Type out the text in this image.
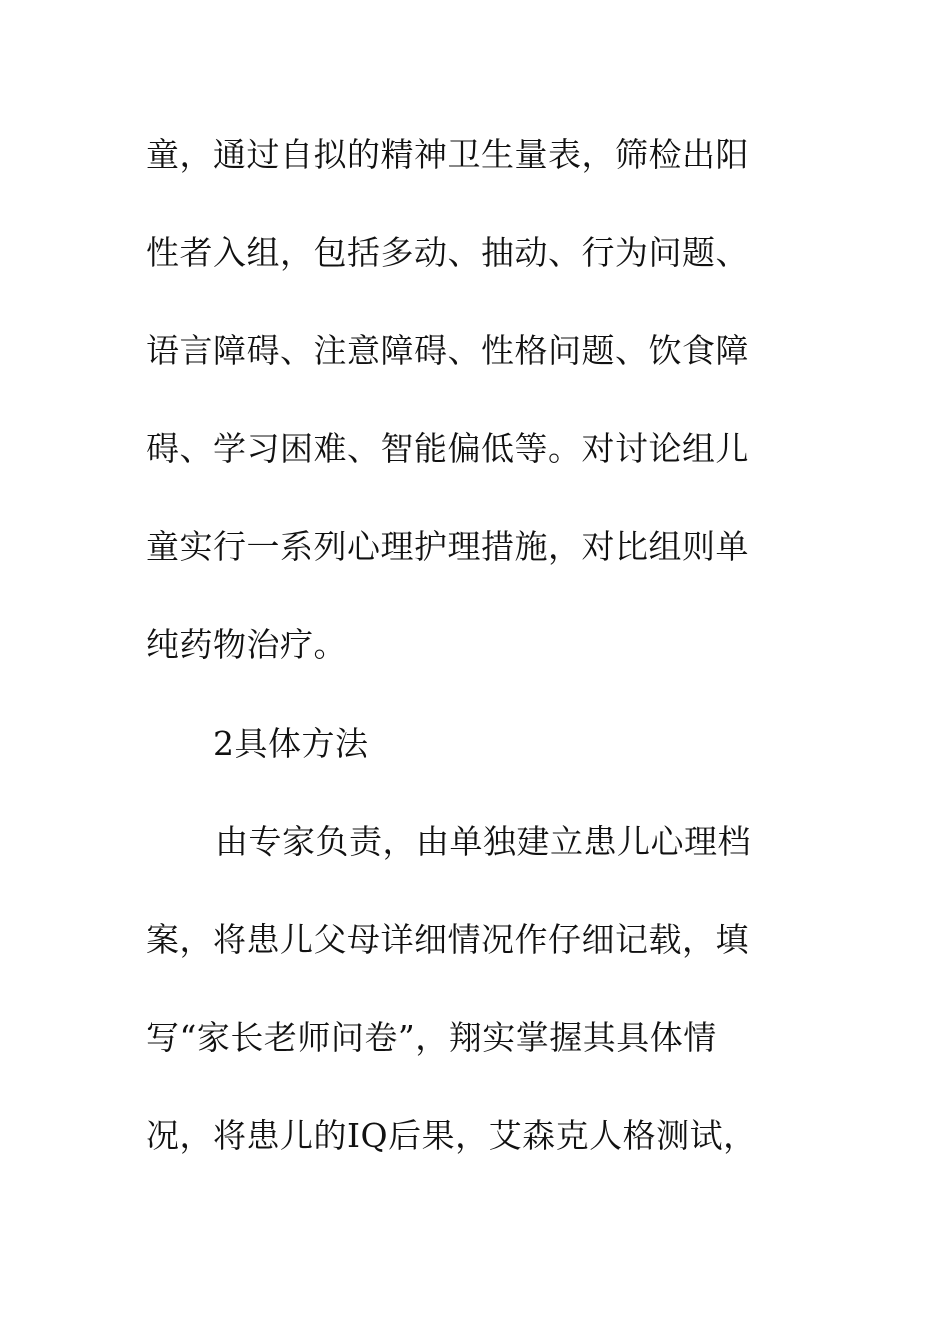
童，通过自拟的精神卫生量表，筛检出阳
性者入组，包括多动、抽动、行为问题、
语言障碍、注意障碍、性格问题、饮食障
碍、学习困难、智能偏低等。对讨论组儿
童实行一系列心理护理措施，对比组则单
纯药物治疗。
2具体方法
由专家负责，由单独建立患儿心理档
案，将患儿父母详细情况作仔细记载，填
写“家长老师问卷”，翔实掌握其具体情
况，将患儿的IQ后果，艾森克人格测试，
